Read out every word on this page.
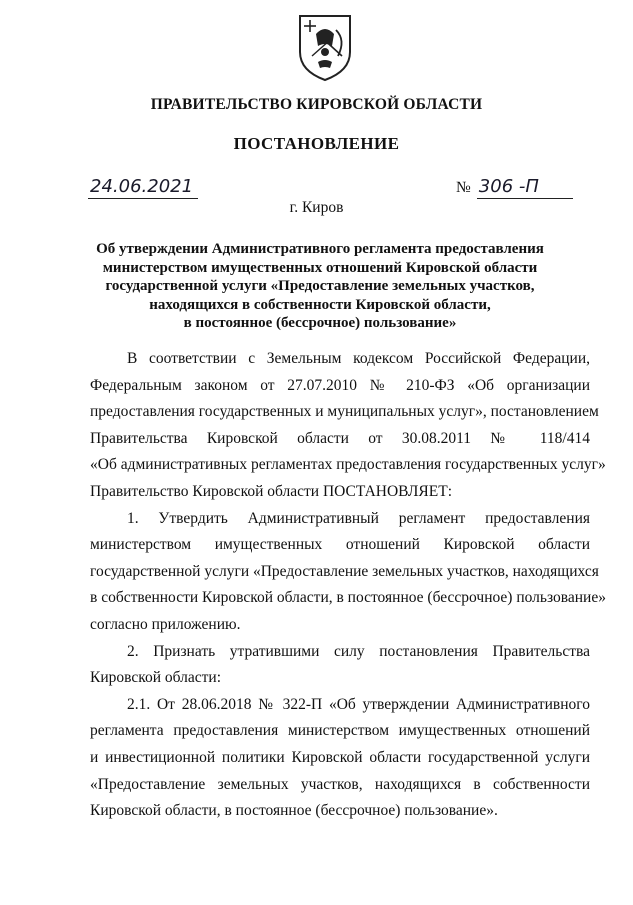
ПРАВИТЕЛЬСТВО КИРОВСКОЙ ОБЛАСТИ
ПОСТАНОВЛЕНИЕ
24.06.2021	№ 306 -П
г. Киров
Об утверждении Административного регламента предоставления
министерством имущественных отношений Кировской области
государственной услуги «Предоставление земельных участков,
находящихся в собственности Кировской области,
в постоянное (бессрочное) пользование»
В соответствии с Земельным кодексом Российской Федерации,
Федеральным законом от 27.07.2010 № 210-ФЗ «Об организации
предоставления государственных и муниципальных услуг», постановлением
Правительства Кировской области от 30.08.2011 № 118/414
«Об административных регламентах предоставления государственных услуг»
Правительство Кировской области ПОСТАНОВЛЯЕТ:
1. Утвердить Административный регламент предоставления
министерством имущественных отношений Кировской области
государственной услуги «Предоставление земельных участков, находящихся
в собственности Кировской области, в постоянное (бессрочное) пользование»
согласно приложению.
2. Признать утратившими силу постановления Правительства
Кировской области:
2.1. От 28.06.2018 № 322-П «Об утверждении Административного
регламента предоставления министерством имущественных отношений
и инвестиционной политики Кировской области государственной услуги
«Предоставление земельных участков, находящихся в собственности
Кировской области, в постоянное (бессрочное) пользование».
